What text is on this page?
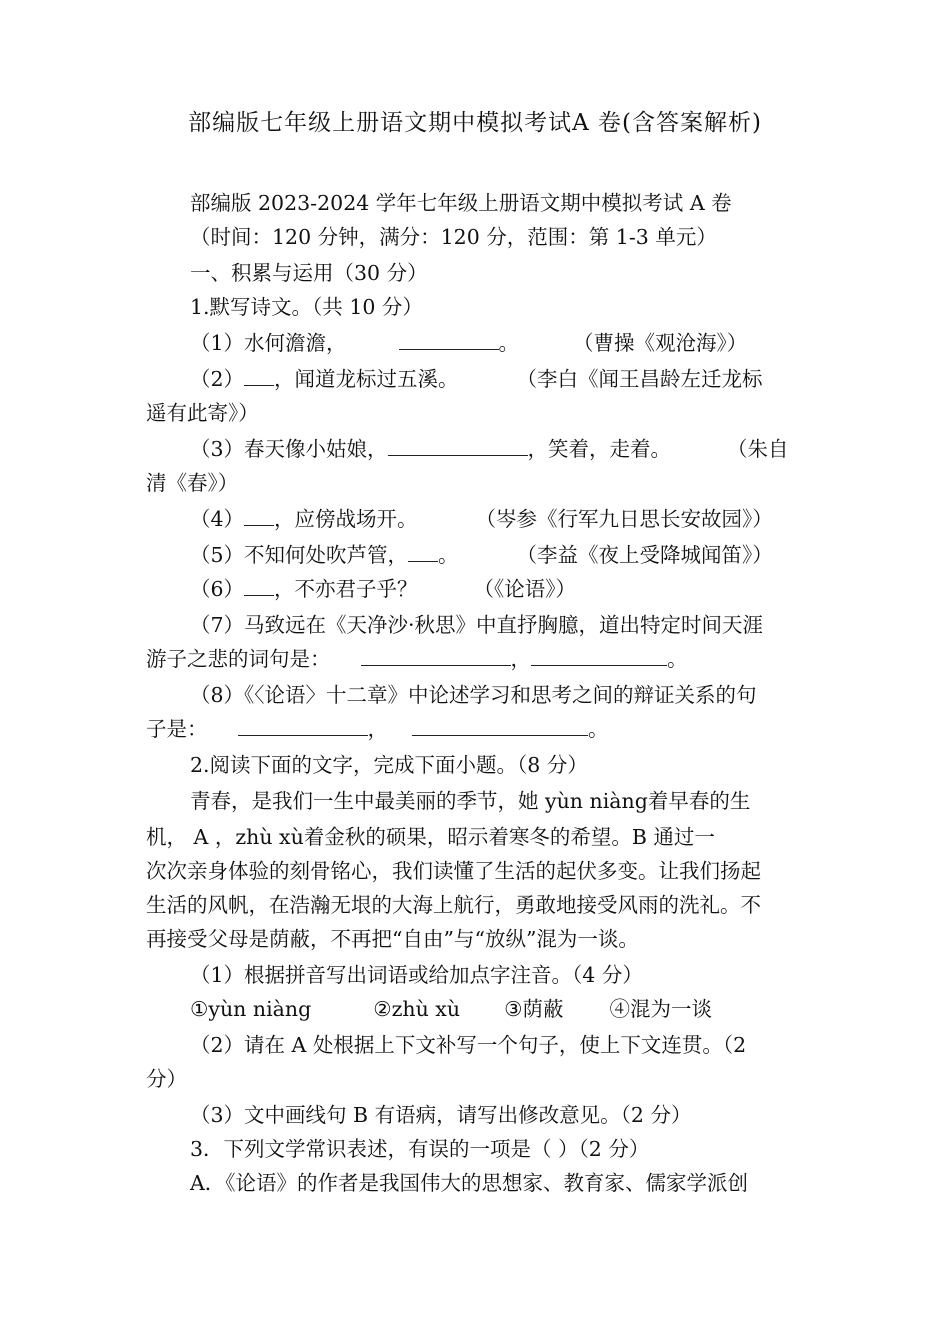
部编版七年级上册语文期中模拟考试A 卷(含答案解析)
部编版 2023-2024 学年七年级上册语文期中模拟考试 A 卷
（时间：120 分钟，满分：120 分，范围：第 1-3 单元）
一、积累与运用（30 分）
1.默写诗文。（共 10 分）
（1）水何澹澹，	。	（曹操《观沧海》）
（2） ，闻道龙标过五溪。	（李白《闻王昌龄左迁龙标
遥有此寄》）
（3）春天像小姑娘，	，笑着，走着。	（朱自
清《春》）
（4） ，应傍战场开。	（岑参《行军九日思长安故园》）
（5）不知何处吹芦管， 。	（李益《夜上受降城闻笛》）
（6） ，不亦君子乎？	（《论语》）
（7）马致远在《天净沙·秋思》中直抒胸臆，道出特定时间天涯
游子之悲的词句是：	，	。
（8）《〈论语〉十二章》中论述学习和思考之间的辩证关系的句
子是：	，	。
2.阅读下面的文字，完成下面小题。（8 分）
青春，是我们一生中最美丽的季节，她 yùn niàng着早春的生
机， A ，zhù xù着金秋的硕果，昭示着寒冬的希望。B 通过一
次次亲身体验的刻骨铭心，我们读懂了生活的起伏多变。让我们扬起
生活的风帆，在浩瀚无垠的大海上航行，勇敢地接受风雨的洗礼。不
再接受父母是荫蔽，不再把“自由”与“放纵”混为一谈。
（1）根据拼音写出词语或给加点字注音。（4 分）
①yùn niàng	②zhù xù ③荫蔽 ④混为一谈
（2）请在 A 处根据上下文补写一个句子，使上下文连贯。（2
分）
（3）文中画线句 B 有语病，请写出修改意见。（2 分）
3．下列文学常识表述，有误的一项是（ ）（2 分）
A．《论语》的作者是我国伟大的思想家、教育家、儒家学派创
